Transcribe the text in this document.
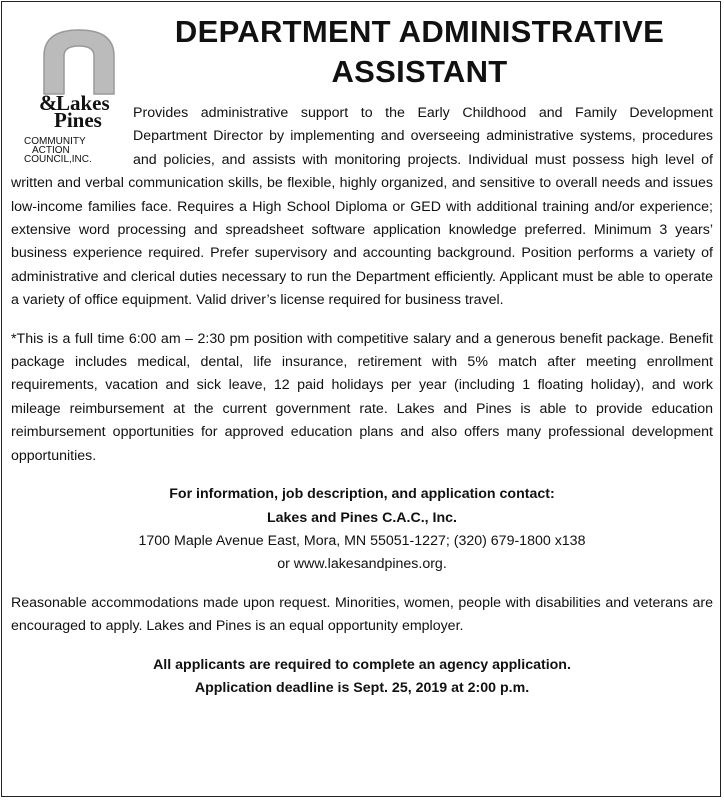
&
Lakes
Pines
COMMUNITY
ACTION
COUNCIL,INC.
DEPARTMENT ADMINISTRATIVE
ASSISTANT

Provides administrative support to the Early Childhood and Family Development Department Director by implementing and overseeing administrative systems, procedures and policies, and assists with monitoring projects. Individual must possess high level of written and verbal communication skills, be flexible, highly organized, and sensitive to overall needs and issues low-income families face. Requires a High School Diploma or GED with additional training and/or experience; extensive word processing and spreadsheet software application knowledge preferred. Minimum 3 years’ business experience required. Prefer supervisory and accounting background. Position performs a variety of administrative and clerical duties necessary to run the Department efficiently. Applicant must be able to operate a variety of office equipment. Valid driver’s license required for business travel.

*This is a full time 6:00 am – 2:30 pm position with competitive salary and a generous benefit package. Benefit package includes medical, dental, life insurance, retirement with 5% match after meeting enrollment requirements, vacation and sick leave, 12 paid holidays per year (including 1 floating holiday), and work mileage reimbursement at the current government rate. Lakes and Pines is able to provide education reimbursement opportunities for approved education plans and also offers many professional development opportunities.

For information, job description, and application contact:

Lakes and Pines C.A.C., Inc.

1700 Maple Avenue East, Mora, MN 55051-1227; (320) 679-1800 x138

or www.lakesandpines.org.

Reasonable accommodations made upon request. Minorities, women, people with disabilities and veterans are encouraged to apply. Lakes and Pines is an equal opportunity employer.

All applicants are required to complete an agency application.

Application deadline is Sept. 25, 2019 at 2:00 p.m.
